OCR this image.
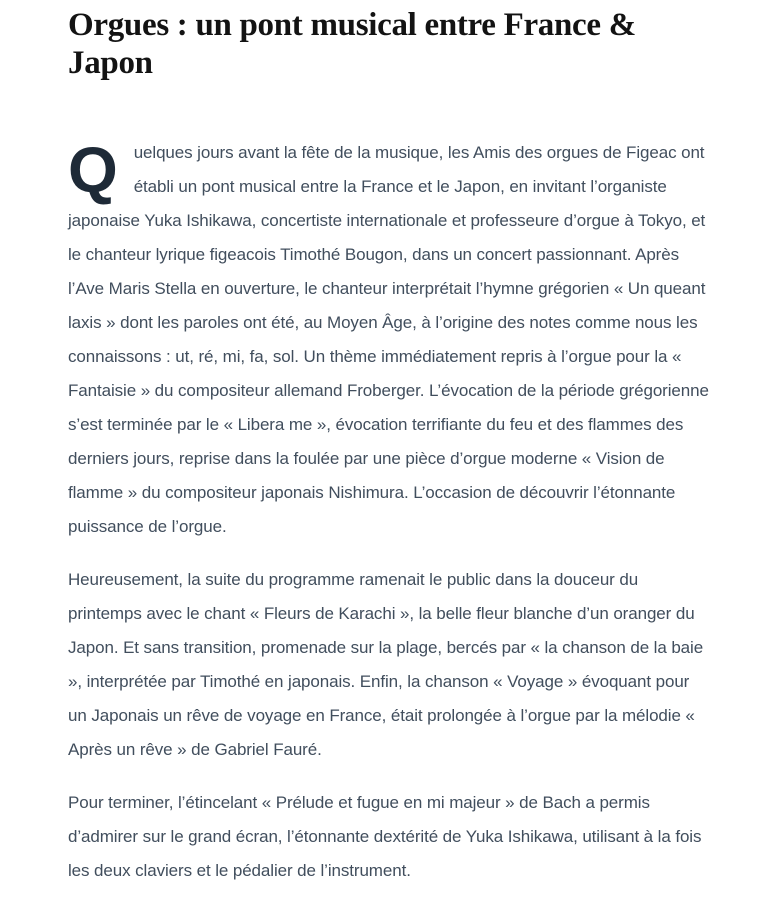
Orgues : un pont musical entre France & Japon

Quelques jours avant la fête de la musique, les Amis des orgues de Figeac ont établi un pont musical entre la France et le Japon, en invitant l’organiste japonaise Yuka Ishikawa, concertiste internationale et professeure d’orgue à Tokyo, et le chanteur lyrique figeacois Timothé Bougon, dans un concert passionnant. Après l’Ave Maris Stella en ouverture, le chanteur interprétait l’hymne grégorien « Un queant laxis » dont les paroles ont été, au Moyen Âge, à l’origine des notes comme nous les connaissons : ut, ré, mi, fa, sol. Un thème immédiatement repris à l’orgue pour la « Fantaisie » du compositeur allemand Froberger. L’évocation de la période grégorienne s’est terminée par le « Libera me », évocation terrifiante du feu et des flammes des derniers jours, reprise dans la foulée par une pièce d’orgue moderne « Vision de flamme » du compositeur japonais Nishimura. L’occasion de découvrir l’étonnante puissance de l’orgue.

Heureusement, la suite du programme ramenait le public dans la douceur du printemps avec le chant « Fleurs de Karachi », la belle fleur blanche d’un oranger du Japon. Et sans transition, promenade sur la plage, bercés par « la chanson de la baie », interprétée par Timothé en japonais. Enfin, la chanson « Voyage » évoquant pour un Japonais un rêve de voyage en France, était prolongée à l’orgue par la mélodie « Après un rêve » de Gabriel Fauré.

Pour terminer, l’étincelant « Prélude et fugue en mi majeur » de Bach a permis d’admirer sur le grand écran, l’étonnante dextérité de Yuka Ishikawa, utilisant à la fois les deux claviers et le pédalier de l’instrument.
